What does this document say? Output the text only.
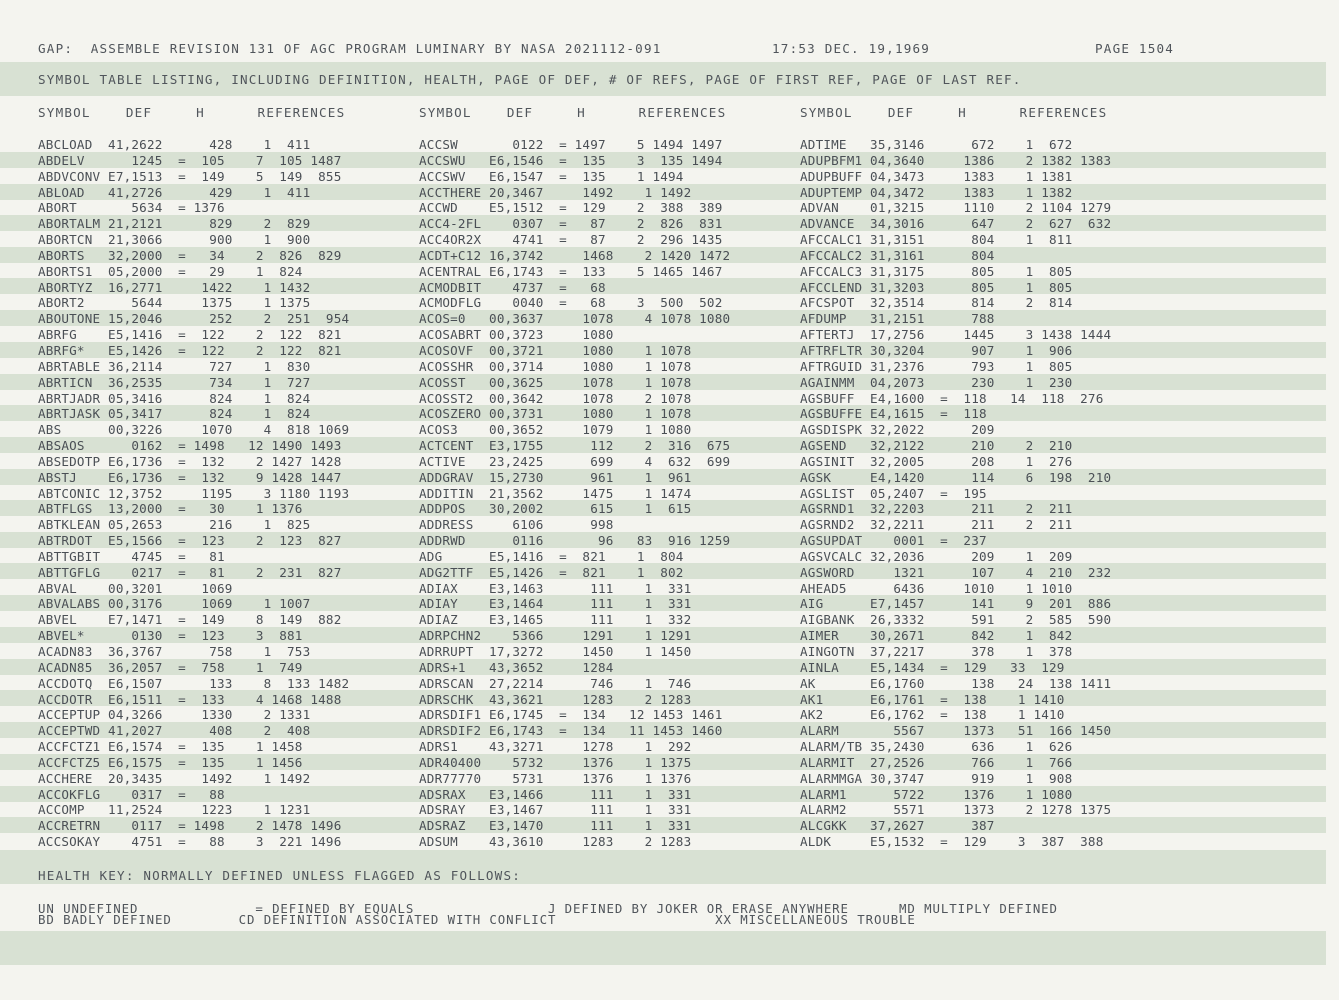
GAP:  ASSEMBLE REVISION 131 OF AGC PROGRAM LUMINARY BY NASA 2021112-091	17:53 DEC. 19,1969	PAGE 1504
SYMBOL TABLE LISTING, INCLUDING DEFINITION, HEALTH, PAGE OF DEF, # OF REFS, PAGE OF FIRST REF, PAGE OF LAST REF.
SYMBOL    DEF     H      REFERENCES	SYMBOL    DEF     H      REFERENCES	SYMBOL    DEF     H      REFERENCES
ABCLOAD  41,2622      428    1  411
ABDELV      1245  =  105    7  105 1487
ABDVCONV E7,1513  =  149    5  149  855
ABLOAD   41,2726      429    1  411
ABORT       5634  = 1376
ABORTALM 21,2121      829    2  829
ABORTCN  21,3066      900    1  900
ABORTS   32,2000  =   34    2  826  829
ABORTS1  05,2000  =   29    1  824
ABORTYZ  16,2771     1422    1 1432
ABORT2      5644     1375    1 1375
ABOUTONE 15,2046      252    2  251  954
ABRFG    E5,1416  =  122    2  122  821
ABRFG*   E5,1426  =  122    2  122  821
ABRTABLE 36,2114      727    1  830
ABRTICN  36,2535      734    1  727
ABRTJADR 05,3416      824    1  824
ABRTJASK 05,3417      824    1  824
ABS      00,3226     1070    4  818 1069
ABSAOS      0162  = 1498   12 1490 1493
ABSEDOTP E6,1736  =  132    2 1427 1428
ABSTJ    E6,1736  =  132    9 1428 1447
ABTCONIC 12,3752     1195    3 1180 1193
ABTFLGS  13,2000  =   30    1 1376
ABTKLEAN 05,2653      216    1  825
ABTRDOT  E5,1566  =  123    2  123  827
ABTTGBIT    4745  =   81
ABTTGFLG    0217  =   81    2  231  827
ABVAL    00,3201     1069
ABVALABS 00,3176     1069    1 1007
ABVEL    E7,1471  =  149    8  149  882
ABVEL*      0130  =  123    3  881
ACADN83  36,3767      758    1  753
ACADN85  36,2057  =  758    1  749
ACCDOTQ  E6,1507      133    8  133 1482
ACCDOTR  E6,1511  =  133    4 1468 1488
ACCEPTUP 04,3266     1330    2 1331
ACCEPTWD 41,2027      408    2  408
ACCFCTZ1 E6,1574  =  135    1 1458
ACCFCTZ5 E6,1575  =  135    1 1456
ACCHERE  20,3435     1492    1 1492
ACCOKFLG    0317  =   88
ACCOMP   11,2524     1223    1 1231
ACCRETRN    0117  = 1498    2 1478 1496
ACCSOKAY    4751  =   88    3  221 1496
ACCSW       0122  = 1497    5 1494 1497
ACCSWU   E6,1546  =  135    3  135 1494
ACCSWV   E6,1547  =  135    1 1494
ACCTHERE 20,3467     1492    1 1492
ACCWD    E5,1512  =  129    2  388  389
ACC4-2FL    0307  =   87    2  826  831
ACC4OR2X    4741  =   87    2  296 1435
ACDT+C12 16,3742     1468    2 1420 1472
ACENTRAL E6,1743  =  133    5 1465 1467
ACMODBIT    4737  =   68
ACMODFLG    0040  =   68    3  500  502
ACOS=0   00,3637     1078    4 1078 1080
ACOSABRT 00,3723     1080
ACOSOVF  00,3721     1080    1 1078
ACOSSHR  00,3714     1080    1 1078
ACOSST   00,3625     1078    1 1078
ACOSST2  00,3642     1078    2 1078
ACOSZERO 00,3731     1080    1 1078
ACOS3    00,3652     1079    1 1080
ACTCENT  E3,1755      112    2  316  675
ACTIVE   23,2425      699    4  632  699
ADDGRAV  15,2730      961    1  961
ADDITIN  21,3562     1475    1 1474
ADDPOS   30,2002      615    1  615
ADDRESS     6106      998
ADDRWD      0116       96   83  916 1259
ADG      E5,1416  =  821    1  804
ADG2TTF  E5,1426  =  821    1  802
ADIAX    E3,1463      111    1  331
ADIAY    E3,1464      111    1  331
ADIAZ    E3,1465      111    1  332
ADRPCHN2    5366     1291    1 1291
ADRRUPT  17,3272     1450    1 1450
ADRS+1   43,3652     1284
ADRSCAN  27,2214      746    1  746
ADRSCHK  43,3621     1283    2 1283
ADRSDIF1 E6,1745  =  134   12 1453 1461
ADRSDIF2 E6,1743  =  134   11 1453 1460
ADRS1    43,3271     1278    1  292
ADR40400    5732     1376    1 1375
ADR77770    5731     1376    1 1376
ADSRAX   E3,1466      111    1  331
ADSRAY   E3,1467      111    1  331
ADSRAZ   E3,1470      111    1  331
ADSUM    43,3610     1283    2 1283
ADTIME   35,3146      672    1  672
ADUPBFM1 04,3640     1386    2 1382 1383
ADUPBUFF 04,3473     1383    1 1381
ADUPTEMP 04,3472     1383    1 1382
ADVAN    01,3215     1110    2 1104 1279
ADVANCE  34,3016      647    2  627  632
AFCCALC1 31,3151      804    1  811
AFCCALC2 31,3161      804
AFCCALC3 31,3175      805    1  805
AFCCLEND 31,3203      805    1  805
AFCSPOT  32,3514      814    2  814
AFDUMP   31,2151      788
AFTERTJ  17,2756     1445    3 1438 1444
AFTRFLTR 30,3204      907    1  906
AFTRGUID 31,2376      793    1  805
AGAINMM  04,2073      230    1  230
AGSBUFF  E4,1600  =  118   14  118  276
AGSBUFFE E4,1615  =  118
AGSDISPK 32,2022      209
AGSEND   32,2122      210    2  210
AGSINIT  32,2005      208    1  276
AGSK     E4,1420      114    6  198  210
AGSLIST  05,2407  =  195
AGSRND1  32,2203      211    2  211
AGSRND2  32,2211      211    2  211
AGSUPDAT    0001  =  237
AGSVCALC 32,2036      209    1  209
AGSWORD     1321      107    4  210  232
AHEAD5      6436     1010    1 1010
AIG      E7,1457      141    9  201  886
AIGBANK  26,3332      591    2  585  590
AIMER    30,2671      842    1  842
AINGOTN  37,2217      378    1  378
AINLA    E5,1434  =  129   33  129
AK       E6,1760      138   24  138 1411
AK1      E6,1761  =  138    1 1410
AK2      E6,1762  =  138    1 1410
ALARM       5567     1373   51  166 1450
ALARM/TB 35,2430      636    1  626
ALARMIT  27,2526      766    1  766
ALARMMGA 30,3747      919    1  908
ALARM1      5722     1376    1 1080
ALARM2      5571     1373    2 1278 1375
ALCGKK   37,2627      387
ALDK     E5,1532  =  129    3  387  388
HEALTH KEY: NORMALLY DEFINED UNLESS FLAGGED AS FOLLOWS:
UN UNDEFINED              = DEFINED BY EQUALS                J DEFINED BY JOKER OR ERASE ANYWHERE      MD MULTIPLY DEFINED
BD BADLY DEFINED        CD DEFINITION ASSOCIATED WITH CONFLICT                   XX MISCELLANEOUS TROUBLE
